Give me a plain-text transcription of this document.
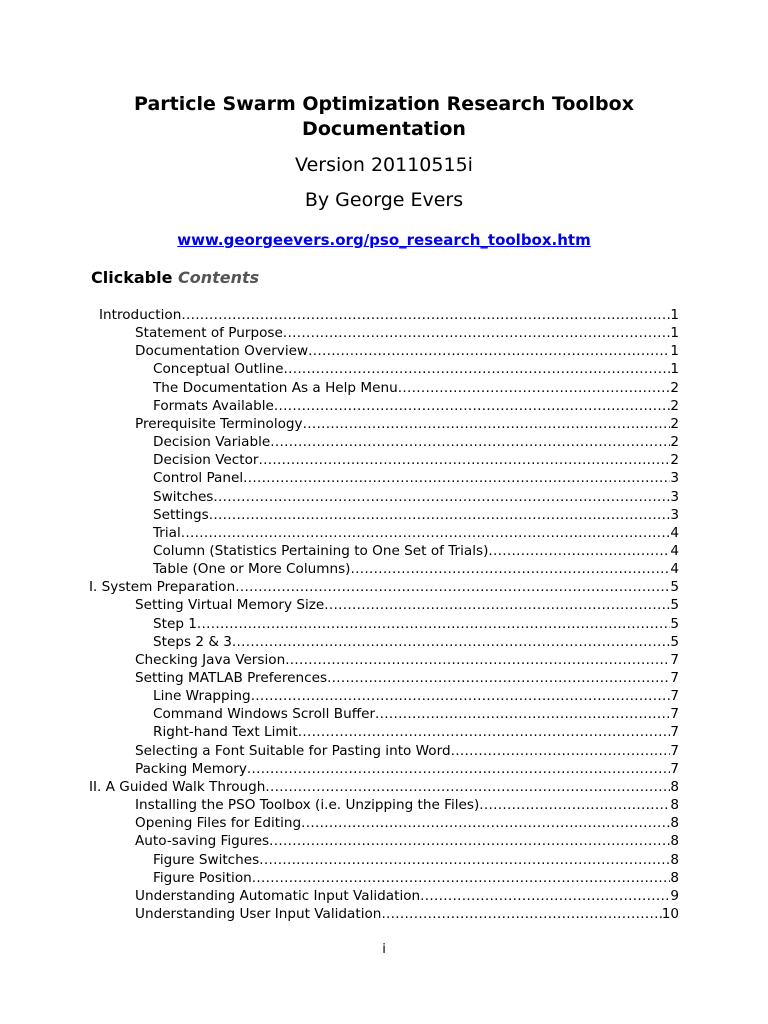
Particle Swarm Optimization Research Toolbox
Documentation
Version 20110515i
By George Evers
www.georgeevers.org/pso_research_toolbox.htm
Clickable Contents
Introduction .....	1
Statement of Purpose .....	1
Documentation Overview .....	1
Conceptual Outline .....	1
The Documentation As a Help Menu .....	2
Formats Available .....	2
Prerequisite Terminology .....	2
Decision Variable .....	2
Decision Vector .....	2
Control Panel .....	3
Switches .....	3
Settings .....	3
Trial .....	4
Column (Statistics Pertaining to One Set of Trials) .....	4
Table (One or More Columns) .....	4
I. System Preparation .....	5
Setting Virtual Memory Size .....	5
Step 1 .....	5
Steps 2 & 3 .....	5
Checking Java Version .....	7
Setting MATLAB Preferences .....	7
Line Wrapping .....	7
Command Windows Scroll Buffer .....	7
Right-hand Text Limit .....	7
Selecting a Font Suitable for Pasting into Word .....	7
Packing Memory .....	7
II. A Guided Walk Through .....	8
Installing the PSO Toolbox (i.e. Unzipping the Files) .....	8
Opening Files for Editing .....	8
Auto-saving Figures .....	8
Figure Switches .....	8
Figure Position .....	8
Understanding Automatic Input Validation .....	9
Understanding User Input Validation .....	10
i
